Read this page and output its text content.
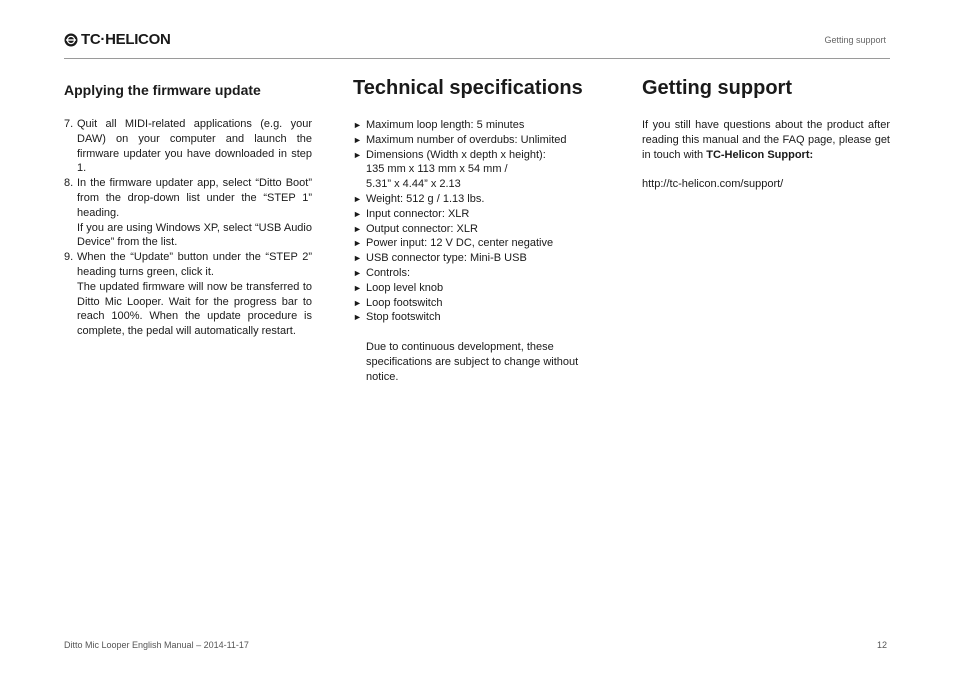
TC·HELICON	Getting support
Applying the firmware update
7. Quit all MIDI-related applications (e.g. your DAW) on your computer and launch the firmware updater you have downloaded in step 1.

8. In the firmware updater app, select “Ditto Boot” from the drop-down list under the “STEP 1” heading.

If you are using Windows XP, select “USB Audio Device” from the list.

9. When the “Update” button under the “STEP 2” heading turns green, click it.

The updated firmware will now be transferred to Ditto Mic Looper. Wait for the progress bar to reach 100%. When the update procedure is complete, the pedal will automatically restart.

Technical specifications
► Maximum loop length: 5 minutes
► Maximum number of overdubs: Unlimited
► Dimensions (Width x depth x height):
135 mm x 113 mm x 54 mm /
5.31” x 4.44” x 2.13
► Weight: 512 g / 1.13 lbs.
► Input connector: XLR
► Output connector: XLR
► Power input: 12 V DC, center negative
► USB connector type: Mini-B USB
► Controls:
► Loop level knob
► Loop footswitch
► Stop footswitch

Due to continuous development, these specifications are subject to change without notice.

Getting support

If you still have questions about the product after reading this manual and the FAQ page, please get in touch with TC-Helicon Support:

http://tc-helicon.com/support/

Ditto Mic Looper English Manual – 2014-11-17	12
